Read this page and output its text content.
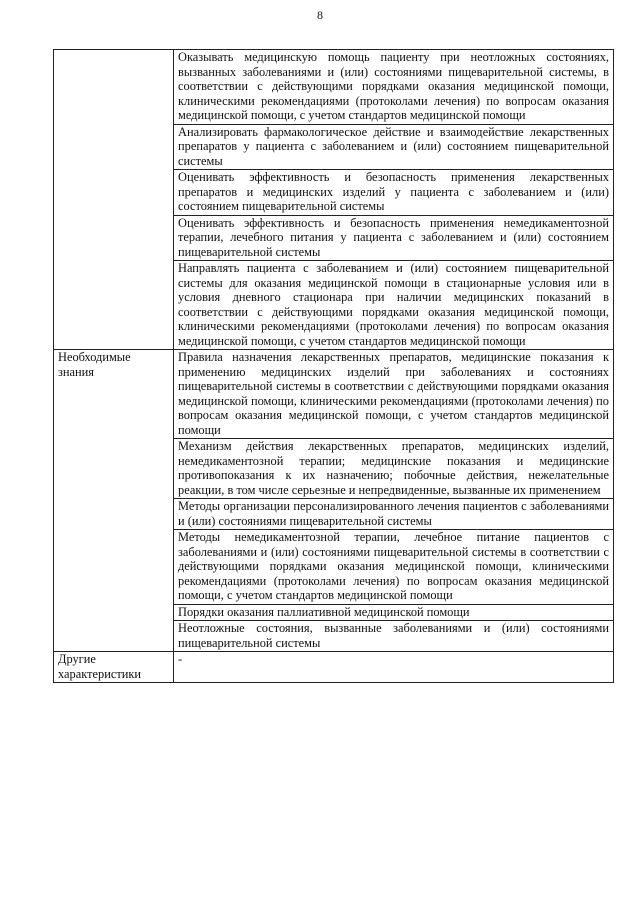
8
	Оказывать медицинскую помощь пациенту при неотложных состояниях, вызванных заболеваниями и (или) состояниями пищеварительной системы, в соответствии с действующими порядками оказания медицинской помощи, клиническими рекомендациями (протоколами лечения) по вопросам оказания медицинской помощи, с учетом стандартов медицинской помощи
	Анализировать фармакологическое действие и взаимодействие лекарственных препаратов у пациента с заболеванием и (или) состоянием пищеварительной системы
	Оценивать эффективность и безопасность применения лекарственных препаратов и медицинских изделий у пациента с заболеванием и (или) состоянием пищеварительной системы
	Оценивать эффективность и безопасность применения немедикаментозной терапии, лечебного питания у пациента с заболеванием и (или) состоянием пищеварительной системы
	Направлять пациента с заболеванием и (или) состоянием пищеварительной системы для оказания медицинской помощи в стационарные условия или в условия дневного стационара при наличии медицинских показаний в соответствии с действующими порядками оказания медицинской помощи, клиническими рекомендациями (протоколами лечения) по вопросам оказания медицинской помощи, с учетом стандартов медицинской помощи
Необходимые знания	Правила назначения лекарственных препаратов, медицинские показания к применению медицинских изделий при заболеваниях и состояниях пищеварительной системы в соответствии с действующими порядками оказания медицинской помощи, клиническими рекомендациями (протоколами лечения) по вопросам оказания медицинской помощи, с учетом стандартов медицинской помощи
	Механизм действия лекарственных препаратов, медицинских изделий, немедикаментозной терапии; медицинские показания и медицинские противопоказания к их назначению; побочные действия, нежелательные реакции, в том числе серьезные и непредвиденные, вызванные их применением
	Методы организации персонализированного лечения пациентов с заболеваниями и (или) состояниями пищеварительной системы
	Методы немедикаментозной терапии, лечебное питание пациентов с заболеваниями и (или) состояниями пищеварительной системы в соответствии с действующими порядками оказания медицинской помощи, клиническими рекомендациями (протоколами лечения) по вопросам оказания медицинской помощи, с учетом стандартов медицинской помощи
	Порядки оказания паллиативной медицинской помощи
	Неотложные состояния, вызванные заболеваниями и (или) состояниями пищеварительной системы
Другие характеристики	-
